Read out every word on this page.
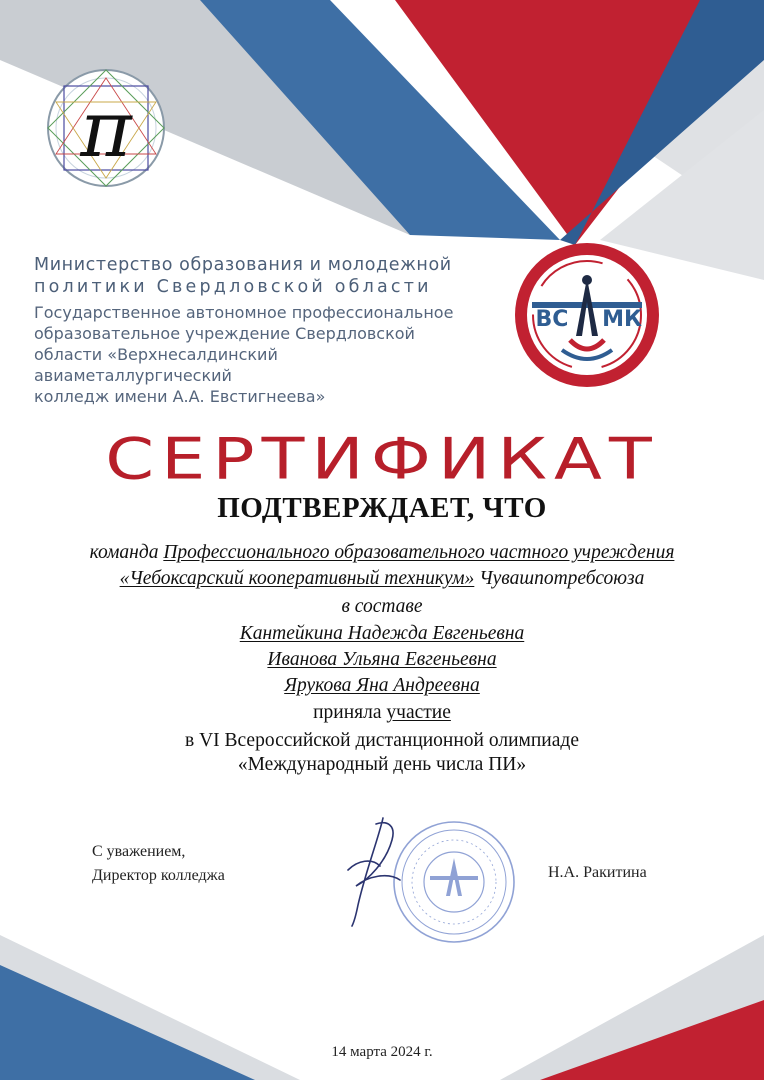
π
Министерство образования и молодежной
политики Свердловской области
Государственное автономное профессиональное
образовательное учреждение Свердловской
области «Верхнесалдинский авиаметаллургический
колледж имени А.А. Евстигнеева»
ВС МК
СЕРТИФИКАТ
ПОДТВЕРЖДАЕТ, ЧТО
команда Профессионального образовательного частного учреждения
«Чебоксарский кооперативный техникум» Чувашпотребсоюза
в составе
Кантейкина Надежда Евгеньевна
Иванова Ульяна Евгеньевна
Ярукова Яна Андреевна
приняла участие
в VI Всероссийской дистанционной олимпиаде
«Международный день числа ПИ»
С уважением,
Директор колледжа	Н.А. Ракитина
14 марта 2024 г.
